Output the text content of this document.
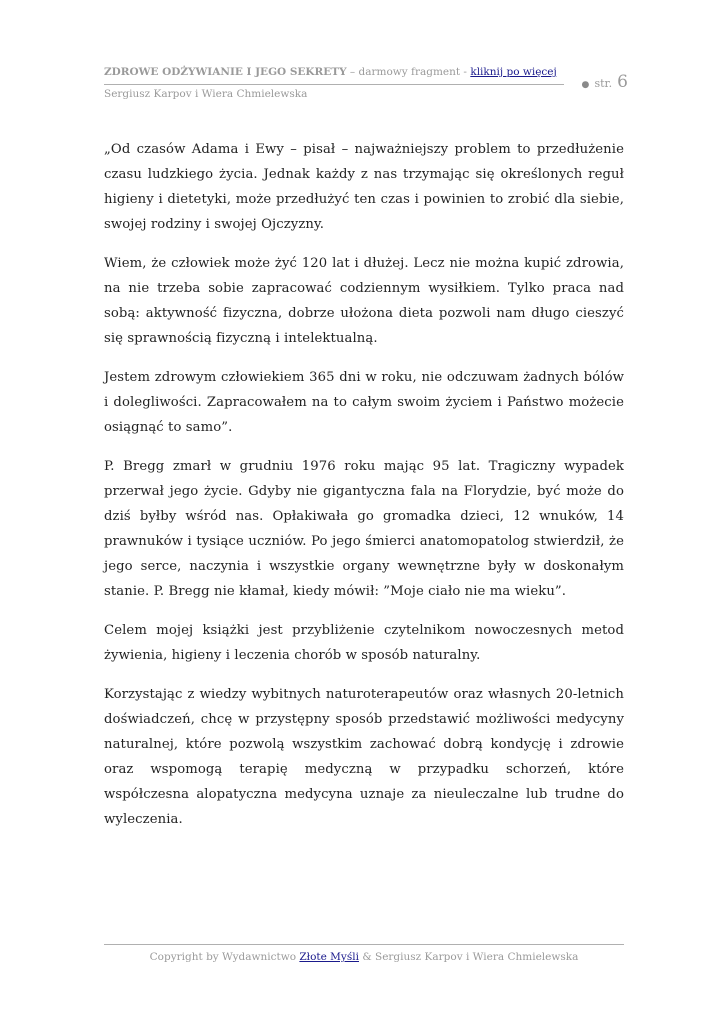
ZDROWE ODŻYWIANIE I JEGO SEKRETY – darmowy fragment - kliknij po więcej
Sergiusz Karpov i Wiera Chmielewska
● str. 6

„Od czasów Adama i Ewy – pisał – najważniejszy problem to przedłużenie czasu ludzkiego życia. Jednak każdy z nas trzymając się określonych reguł higieny i dietetyki, może przedłużyć ten czas i powinien to zrobić dla siebie, swojej rodziny i swojej Ojczyzny.

Wiem, że człowiek może żyć 120 lat i dłużej. Lecz nie można kupić zdrowia, na nie trzeba sobie zapracować codziennym wysiłkiem. Tylko praca nad sobą: aktywność fizyczna, dobrze ułożona dieta pozwoli nam długo cieszyć się sprawnością fizyczną i intelektualną.

Jestem zdrowym człowiekiem 365 dni w roku, nie odczuwam żadnych bólów i dolegliwości. Zapracowałem na to całym swoim życiem i Państwo możecie osiągnąć to samo”.

P. Bregg zmarł w grudniu 1976 roku mając 95 lat. Tragiczny wypadek przerwał jego życie. Gdyby nie gigantyczna fala na Florydzie, być może do dziś byłby wśród nas. Opłakiwała go gromadka dzieci, 12 wnuków, 14 prawnuków i tysiące uczniów. Po jego śmierci anatomopatolog stwierdził, że jego serce, naczynia i wszystkie organy wewnętrzne były w doskonałym stanie. P. Bregg nie kłamał, kiedy mówił: ”Moje ciało nie ma wieku”.

Celem mojej książki jest przybliżenie czytelnikom nowoczesnych metod żywienia, higieny i leczenia chorób w sposób naturalny.

Korzystając z wiedzy wybitnych naturoterapeutów oraz własnych 20-letnich doświadczeń, chcę w przystępny sposób przedstawić możliwości medycyny naturalnej, które pozwolą wszystkim zachować dobrą kondycję i zdrowie oraz wspomogą terapię medyczną w przypadku schorzeń, które współczesna alopatyczna medycyna uznaje za nieuleczalne lub trudne do wyleczenia.

Copyright by Wydawnictwo Złote Myśli & Sergiusz Karpov i Wiera Chmielewska
